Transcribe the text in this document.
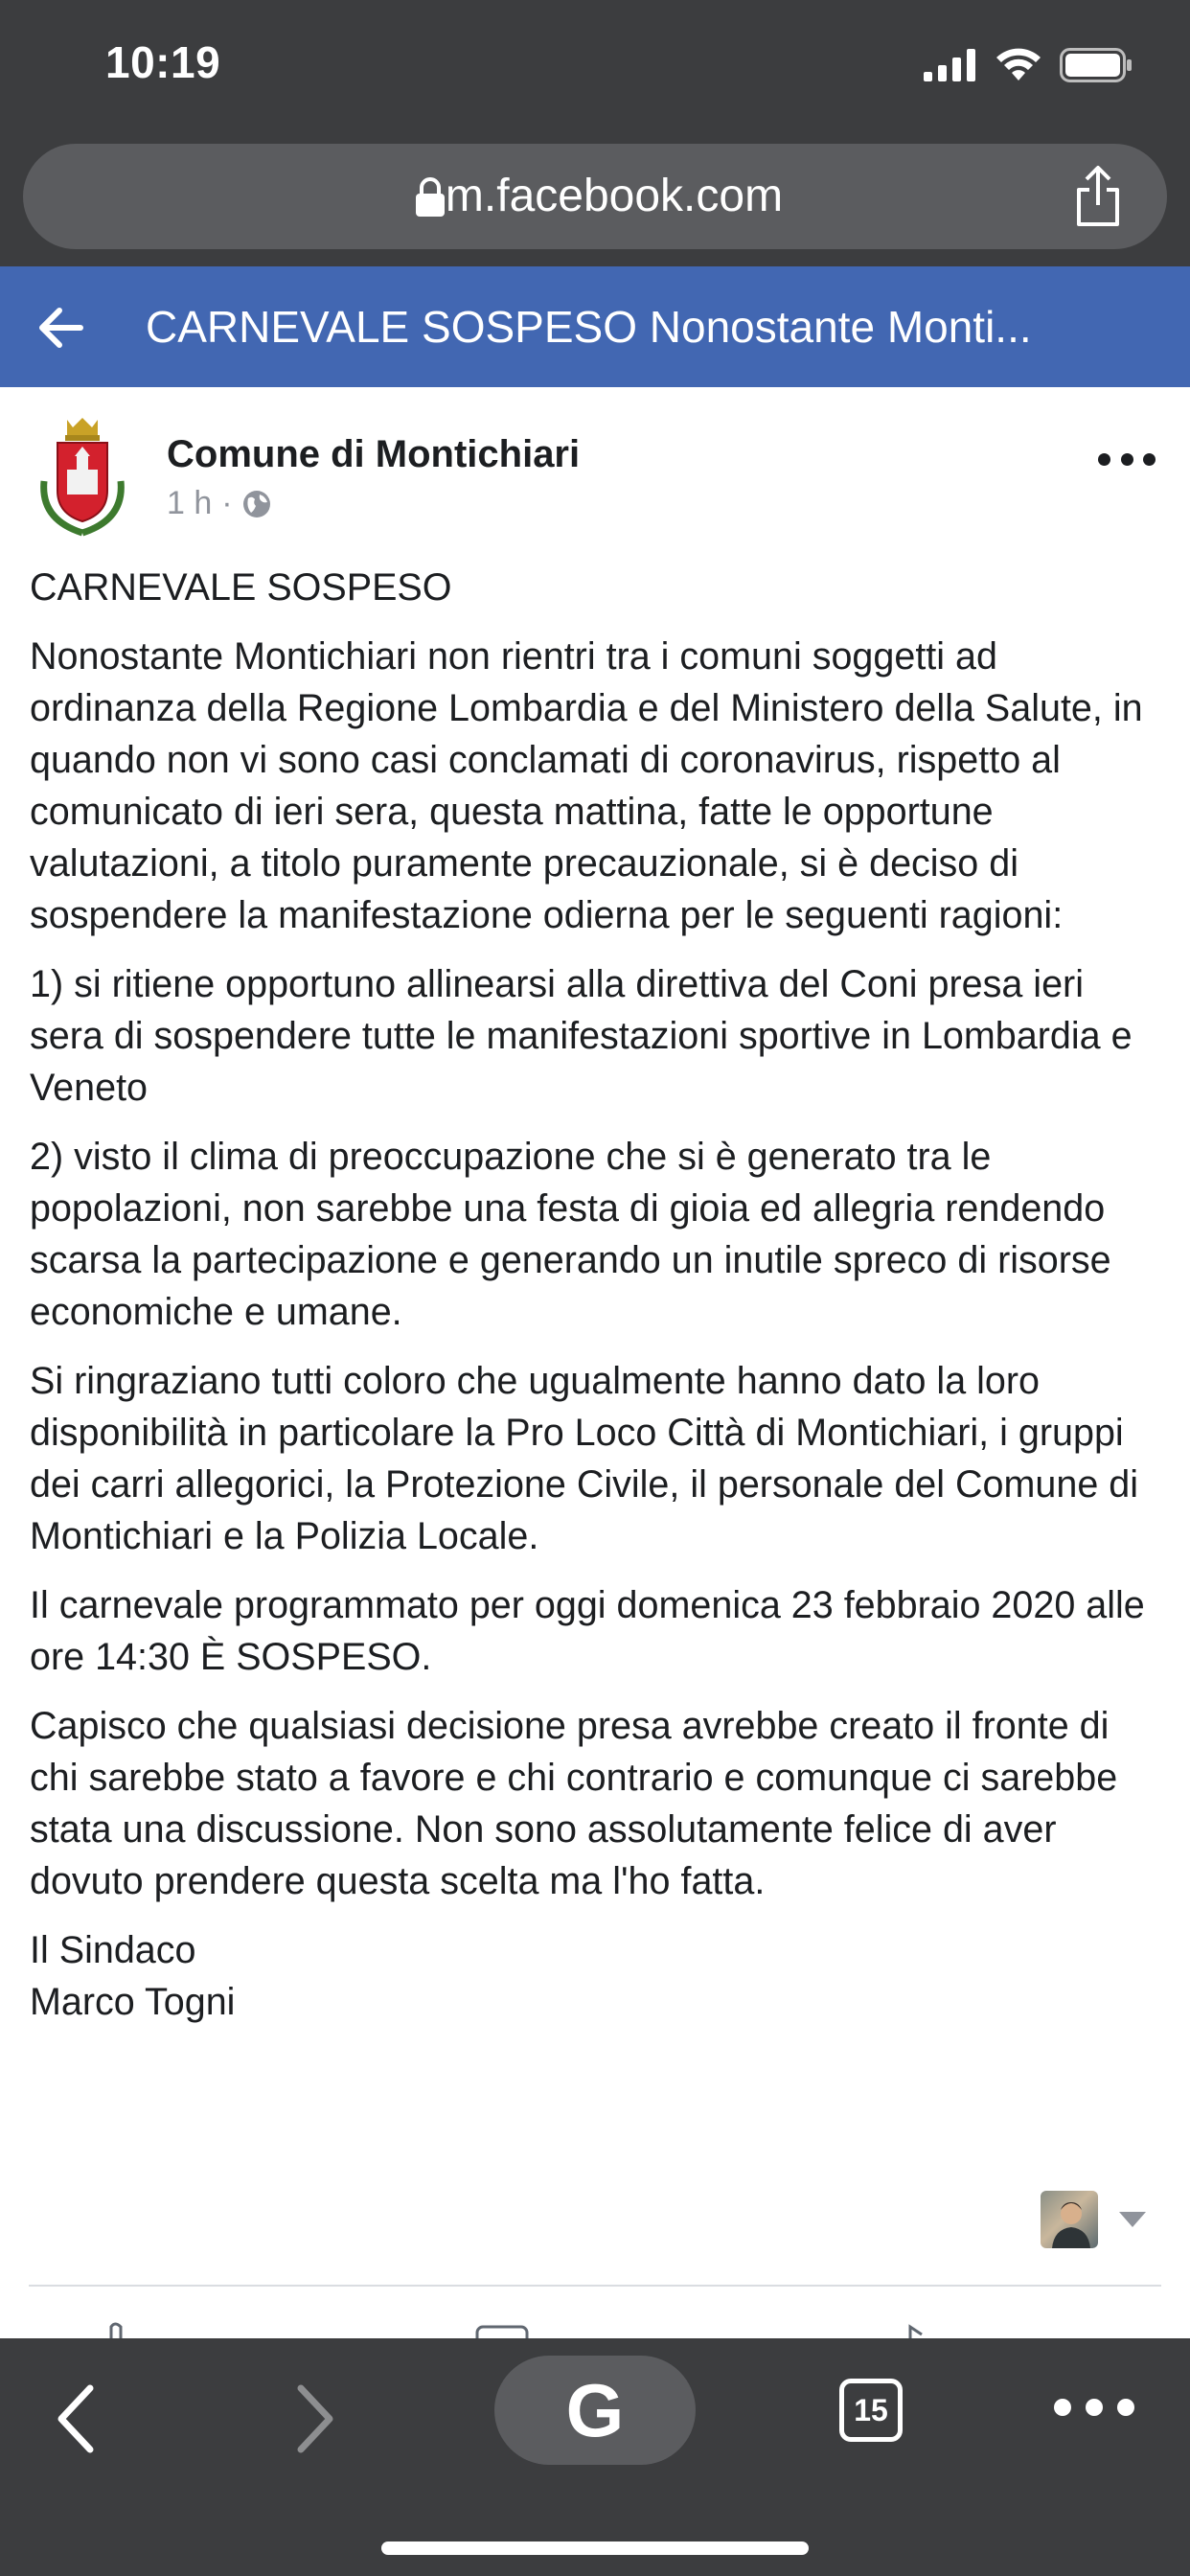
10:19
m.facebook.com
CARNEVALE SOSPESO Nonostante Monti...
Comune di Montichiari
1 h ·

CARNEVALE SOSPESO

Nonostante Montichiari non rientri tra i comuni soggetti ad ordinanza della Regione Lombardia e del Ministero della Salute, in quando non vi sono casi conclamati di coronavirus, rispetto al comunicato di ieri sera, questa mattina, fatte le opportune valutazioni, a titolo puramente precauzionale, si è deciso di sospendere la manifestazione odierna per le seguenti ragioni:

1) si ritiene opportuno allinearsi alla direttiva del Coni presa ieri sera di sospendere tutte le manifestazioni sportive in Lombardia e Veneto

2) visto il clima di preoccupazione che si è generato tra le popolazioni, non sarebbe una festa di gioia ed allegria rendendo scarsa la partecipazione e generando un inutile spreco di risorse economiche e umane.

Si ringraziano tutti coloro che ugualmente hanno dato la loro disponibilità in particolare la Pro Loco Città di Montichiari, i gruppi dei carri allegorici, la Protezione Civile, il personale del Comune di Montichiari e la Polizia Locale.

Il carnevale programmato per oggi domenica 23 febbraio 2020 alle ore 14:30 È SOSPESO.

Capisco che qualsiasi decisione presa avrebbe creato il fronte di chi sarebbe stato a favore e chi contrario e comunque ci sarebbe stata una discussione. Non sono assolutamente felice di aver dovuto prendere questa scelta ma l'ho fatta.

Il Sindaco
Marco Togni

G	15
